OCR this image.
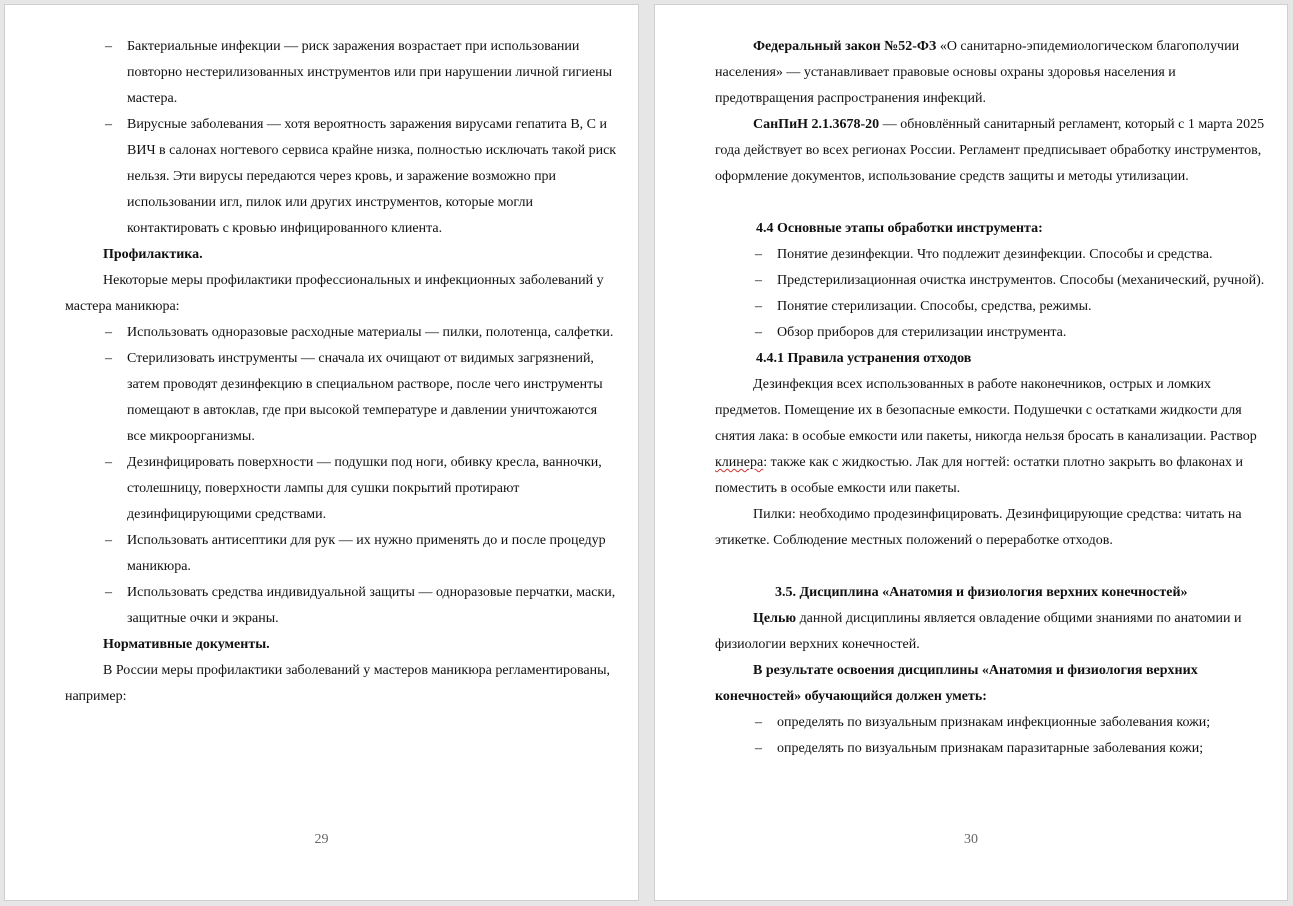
– Бактериальные инфекции — риск заражения возрастает при использовании повторно нестерилизованных инструментов или при нарушении личной гигиены мастера.
– Вирусные заболевания — хотя вероятность заражения вирусами гепатита В, С и ВИЧ в салонах ногтевого сервиса крайне низка, полностью исключать такой риск нельзя. Эти вирусы передаются через кровь, и заражение возможно при использовании игл, пилок или других инструментов, которые могли контактировать с кровью инфицированного клиента.

Профилактика.

Некоторые меры профилактики профессиональных и инфекционных заболеваний у мастера маникюра:

– Использовать одноразовые расходные материалы — пилки, полотенца, салфетки.
– Стерилизовать инструменты — сначала их очищают от видимых загрязнений, затем проводят дезинфекцию в специальном растворе, после чего инструменты помещают в автоклав, где при высокой температуре и давлении уничтожаются все микроорганизмы.
– Дезинфицировать поверхности — подушки под ноги, обивку кресла, ванночки, столешницу, поверхности лампы для сушки покрытий протирают дезинфицирующими средствами.
– Использовать антисептики для рук — их нужно применять до и после процедур маникюра.
– Использовать средства индивидуальной защиты — одноразовые перчатки, маски, защитные очки и экраны.

Нормативные документы.

В России меры профилактики заболеваний у мастеров маникюра регламентированы, например:

29

Федеральный закон №52-ФЗ «О санитарно-эпидемиологическом благополучии населения» — устанавливает правовые основы охраны здоровья населения и предотвращения распространения инфекций.

СанПиН 2.1.3678-20 — обновлённый санитарный регламент, который с 1 марта 2025 года действует во всех регионах России. Регламент предписывает обработку инструментов, оформление документов, использование средств защиты и методы утилизации.

4.4 Основные этапы обработки инструмента:

– Понятие дезинфекции. Что подлежит дезинфекции. Способы и средства.
– Предстерилизационная очистка инструментов. Способы (механический, ручной).
– Понятие стерилизации. Способы, средства, режимы.
– Обзор приборов для стерилизации инструмента.

4.4.1 Правила устранения отходов

Дезинфекция всех использованных в работе наконечников, острых и ломких предметов. Помещение их в безопасные емкости. Подушечки с остатками жидкости для снятия лака: в особые емкости или пакеты, никогда нельзя бросать в канализации. Раствор клинера: также как с жидкостью. Лак для ногтей: остатки плотно закрыть во флаконах и поместить в особые емкости или пакеты.

Пилки: необходимо продезинфицировать. Дезинфицирующие средства: читать на этикетке. Соблюдение местных положений о переработке отходов.

3.5. Дисциплина «Анатомия и физиология верхних конечностей»

Целью данной дисциплины является овладение общими знаниями по анатомии и физиологии верхних конечностей.

В результате освоения дисциплины «Анатомия и физиология верхних конечностей» обучающийся должен уметь:

– определять по визуальным признакам инфекционные заболевания кожи;
– определять по визуальным признакам паразитарные заболевания кожи;
30
